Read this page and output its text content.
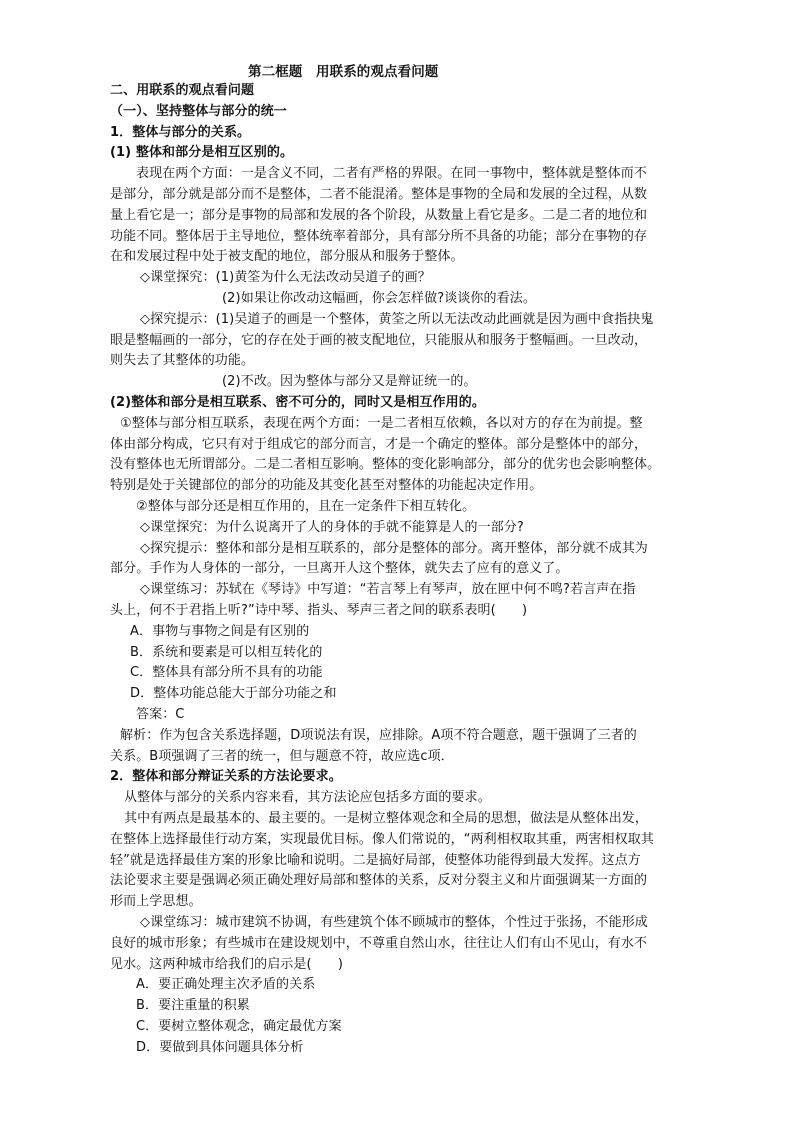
第二框题　用联系的观点看问题
二、用联系的观点看问题
（一）、坚持整体与部分的统一
1．整体与部分的关系。
(1) 整体和部分是相互区别的。
表现在两个方面：一是含义不同，二者有严格的界限。在同一事物中，整体就是整体而不
是部分，部分就是部分而不是整体，二者不能混淆。整体是事物的全局和发展的全过程，从数
量上看它是一；部分是事物的局部和发展的各个阶段，从数量上看它是多。二是二者的地位和
功能不同。整体居于主导地位，整体统率着部分，具有部分所不具备的功能；部分在事物的存
在和发展过程中处于被支配的地位，部分服从和服务于整体。
◇课堂探究：(1)黄筌为什么无法改动吴道子的画？
(2)如果让你改动这幅画，你会怎样做?谈谈你的看法。
◇探究提示：(1)吴道子的画是一个整体，黄筌之所以无法改动此画就是因为画中食指抉鬼
眼是整幅画的一部分，它的存在处于画的被支配地位，只能服从和服务于整幅画。一旦改动，
则失去了其整体的功能。
(2)不改。因为整体与部分又是辩证统一的。
(2)整体和部分是相互联系、密不可分的，同时又是相互作用的。
①整体与部分相互联系，表现在两个方面：一是二者相互依赖，各以对方的存在为前提。整
体由部分构成，它只有对于组成它的部分而言，才是一个确定的整体。部分是整体中的部分，
没有整体也无所谓部分。二是二者相互影响。整体的变化影响部分，部分的优劣也会影响整体。
特别是处于关键部位的部分的功能及其变化甚至对整体的功能起决定作用。
②整体与部分还是相互作用的，且在一定条件下相互转化。
◇课堂探究：为什么说离开了人的身体的手就不能算是人的一部分?
◇探究提示：整体和部分是相互联系的，部分是整体的部分。离开整体，部分就不成其为
部分。手作为人身体的一部分，一旦离开人这个整体，就失去了应有的意义了。
◇课堂练习：苏轼在《琴诗》中写道：“若言琴上有琴声，放在匣中何不鸣?若言声在指
头上，何不于君指上听?”诗中琴、指头、琴声三者之间的联系表明(　　)
A．事物与事物之间是有区别的
B．系统和要素是可以相互转化的
C．整体具有部分所不具有的功能
D．整体功能总能大于部分功能之和
答案：C
解析：作为包含关系选择题，D项说法有误，应排除。A项不符合题意，题干强调了三者的
关系。B项强调了三者的统一，但与题意不符，故应选c项．
2．整体和部分辩证关系的方法论要求。
从整体与部分的关系内容来看，其方法论应包括多方面的要求。
其中有两点是最基本的、最主要的。一是树立整体观念和全局的思想，做法是从整体出发，
在整体上选择最佳行动方案，实现最优目标。像人们常说的，“两利相权取其重，两害相权取其
轻”就是选择最佳方案的形象比喻和说明。二是搞好局部，使整体功能得到最大发挥。这点方
法论要求主要是强调必须正确处理好局部和整体的关系，反对分裂主义和片面强调某一方面的
形而上学思想。
◇课堂练习：城市建筑不协调，有些建筑个体不顾城市的整体，个性过于张扬，不能形成
良好的城市形象；有些城市在建设规划中，不尊重自然山水，往往让人们有山不见山，有水不
见水。这两种城市给我们的启示是(　　)
A．要正确处理主次矛盾的关系
B．要注重量的积累
C．要树立整体观念，确定最优方案
D．要做到具体问题具体分析
